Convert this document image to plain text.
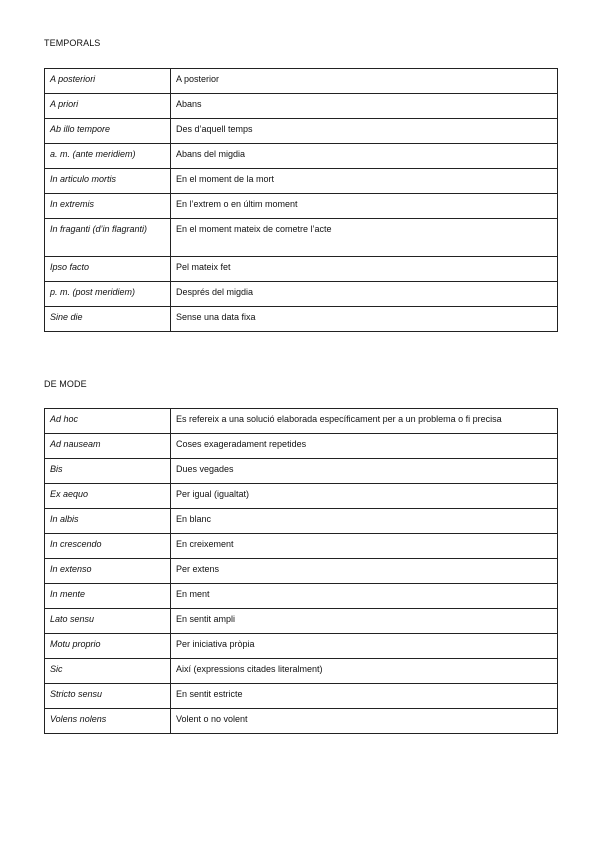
TEMPORALS
A posteriori	A posterior
A priori	Abans
Ab illo tempore	Des d’aquell temps
a. m. (ante meridiem)	Abans del migdia
In articulo mortis	En el moment de la mort
In extremis	En l’extrem o en últim moment
In fraganti (d’in flagranti)	En el moment mateix de cometre l’acte
Ipso facto	Pel mateix fet
p. m. (post meridiem)	Després del migdia
Sine die	Sense una data fixa
DE MODE
Ad hoc	Es refereix a una solució elaborada específicament per a un problema o fi precisa
Ad nauseam	Coses exageradament repetides
Bis	Dues vegades
Ex aequo	Per igual (igualtat)
In albis	En blanc
In crescendo	En creixement
In extenso	Per extens
In mente	En ment
Lato sensu	En sentit ampli
Motu proprio	Per iniciativa pròpia
Sic	Així (expressions citades literalment)
Stricto sensu	En sentit estricte
Volens nolens	Volent o no volent
